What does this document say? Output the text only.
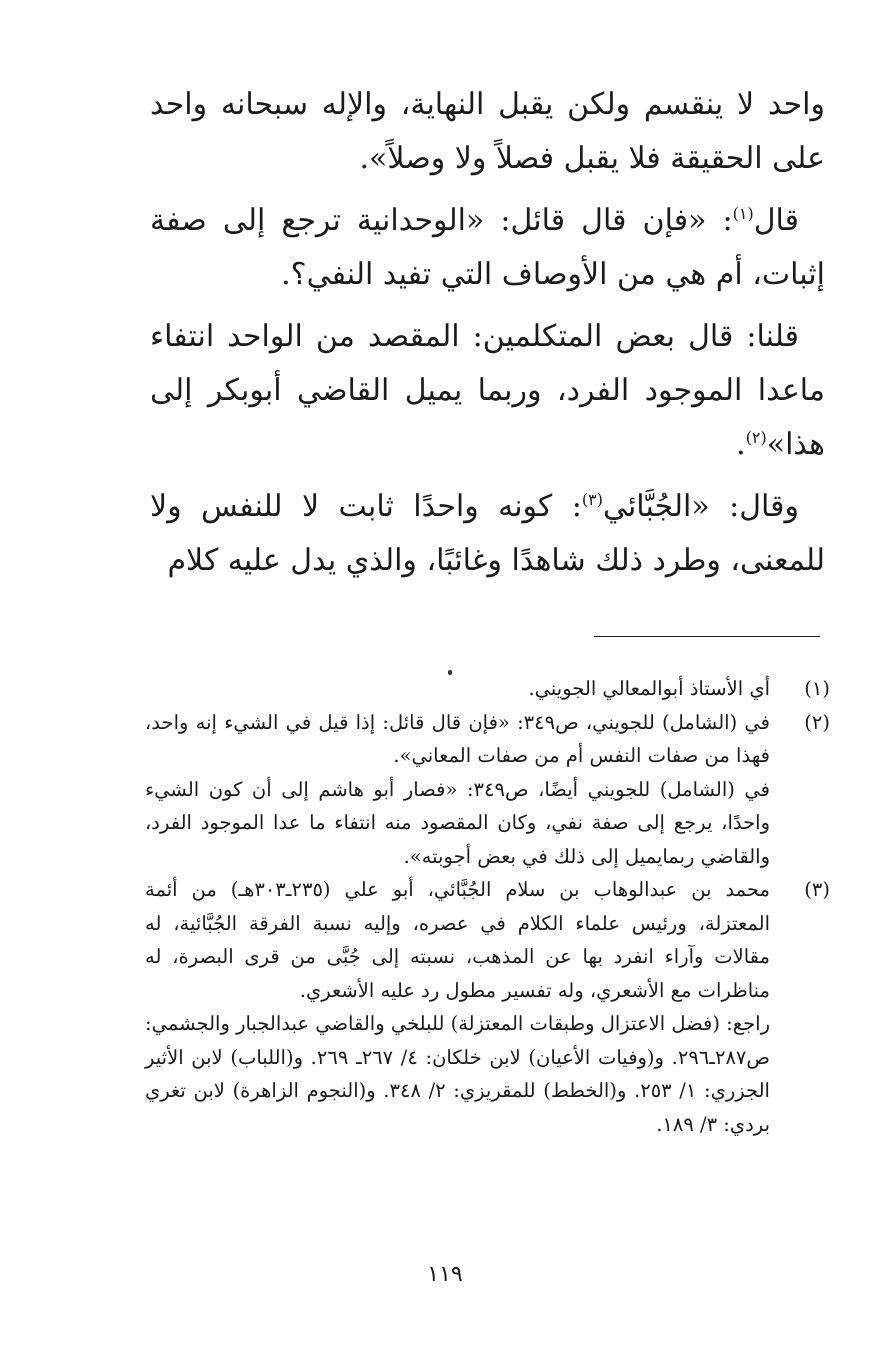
واحد لا ينقسم ولكن يقبل النهاية، والإله سبحانه واحد على الحقيقة فلا يقبل فصلاً ولا وصلاً».

قال$^{(١)}$: «فإن قال قائل: «الوحدانية ترجع إلى صفة إثبات، أم هي من الأوصاف التي تفيد النفي؟.

قلنا: قال بعض المتكلمين: المقصد من الواحد انتفاء ماعدا الموجود الفرد، وربما يميل القاضي أبوبكر إلى هذا»$^{(٢)}$.

وقال: «الجُبَّائي$^{(٣)}$: كونه واحدًا ثابت لا للنفس ولا للمعنى، وطرد ذلك شاهدًا وغائبًا، والذي يدل عليه كلام

(١)

أي الأستاذ أبوالمعالي الجويني.

(٢)

في (الشامل) للجويني، ص٣٤٩: «فإن قال قائل: إذا قيل في الشيء إنه واحد، فهذا من صفات النفس أم من صفات المعاني».

في (الشامل) للجويني أيضًا، ص٣٤٩: «فصار أبو هاشم إلى أن كون الشيء واحدًا، يرجع إلى صفة نفي، وكان المقصود منه انتفاء ما عدا الموجود الفرد، والقاضي ربمايميل إلى ذلك في بعض أجوبته».

(٣)

محمد بن عبدالوهاب بن سلام الجُبَّائي، أبو علي (٢٣٥ـ٣٠٣هـ) من أئمة المعتزلة، ورئيس علماء الكلام في عصره، وإليه نسبة الفرقة الجُبَّائية، له مقالات وآراء انفرد بها عن المذهب، نسبته إلى جُبَّى من قرى البصرة، له مناظرات مع الأشعري، وله تفسير مطول رد عليه الأشعري.

راجع: (فضل الاعتزال وطبقات المعتزلة) للبلخي والقاضي عبدالجبار والجشمي: ص٢٨٧ـ٢٩٦. و(وفيات الأعيان) لابن خلكان: ٤/ ٢٦٧ـ ٢٦٩. و(اللباب) لابن الأثير الجزري: ١/ ٢٥٣. و(الخطط) للمقريزي: ٢/ ٣٤٨. و(النجوم الزاهرة) لابن تغري بردي: ٣/ ١٨٩.

١١٩
